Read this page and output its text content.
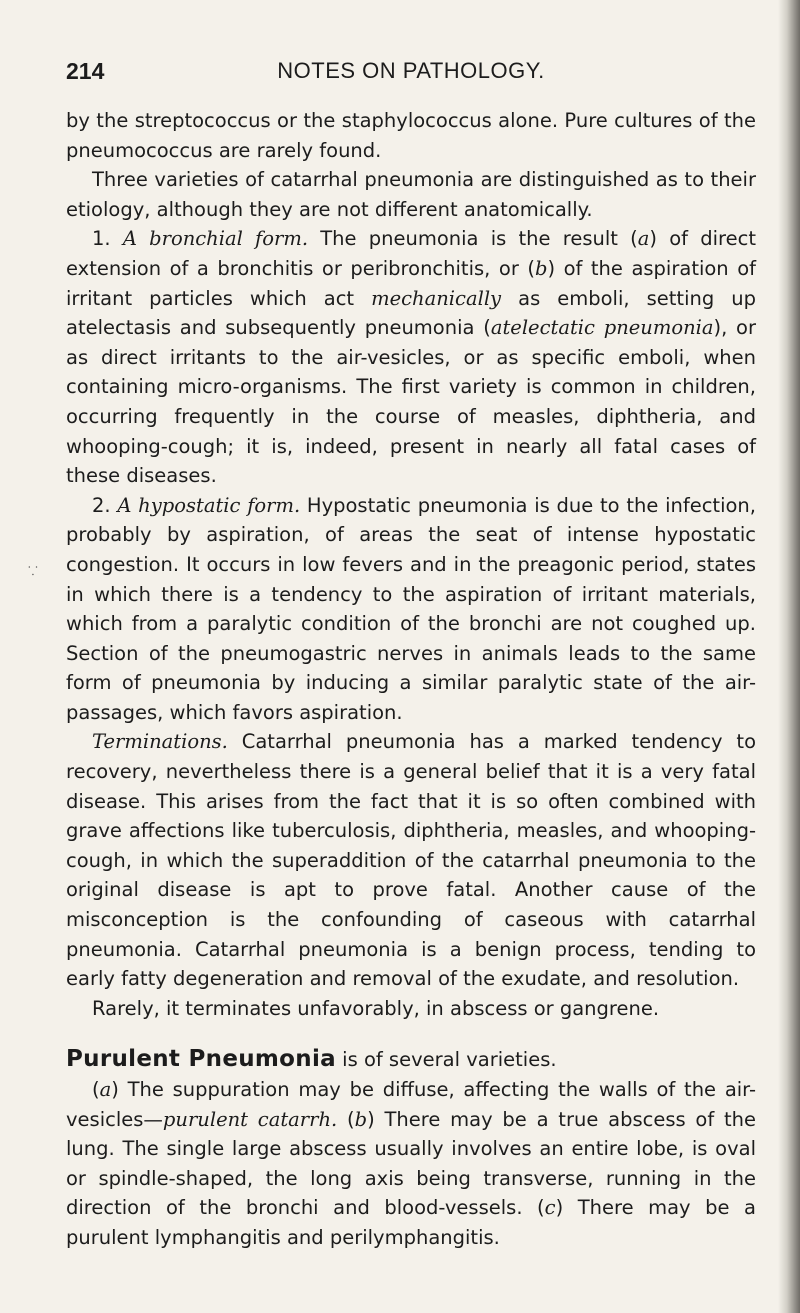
⸪
214	NOTES ON PATHOLOGY.

by the streptococcus or the staphylococcus alone. Pure cultures of the pneumococcus are rarely found.

Three varieties of catarrhal pneumonia are distinguished as to their etiology, although they are not different anatomically.

1. A bronchial form. The pneumonia is the result (a) of direct extension of a bronchitis or peribronchitis, or (b) of the aspiration of irritant particles which act mechanically as emboli, setting up atelectasis and subsequently pneumonia (atelectatic pneumonia), or as direct irritants to the air-vesicles, or as specific emboli, when containing micro-organisms. The first variety is common in children, occurring frequently in the course of measles, diphtheria, and whooping-cough; it is, indeed, present in nearly all fatal cases of these diseases.

2. A hypostatic form. Hypostatic pneumonia is due to the infection, probably by aspiration, of areas the seat of intense hypostatic congestion. It occurs in low fevers and in the preagonic period, states in which there is a tendency to the aspiration of irritant materials, which from a paralytic condition of the bronchi are not coughed up. Section of the pneumogastric nerves in animals leads to the same form of pneumonia by inducing a similar paralytic state of the air-passages, which favors aspiration.

Terminations. Catarrhal pneumonia has a marked tendency to recovery, nevertheless there is a general belief that it is a very fatal disease. This arises from the fact that it is so often combined with grave affections like tuberculosis, diphtheria, measles, and whooping-cough, in which the superaddition of the catarrhal pneumonia to the original disease is apt to prove fatal. Another cause of the misconception is the confounding of caseous with catarrhal pneumonia. Catarrhal pneumonia is a benign process, tending to early fatty degeneration and removal of the exudate, and resolution.

Rarely, it terminates unfavorably, in abscess or gangrene.

Purulent Pneumonia is of several varieties.

(a) The suppuration may be diffuse, affecting the walls of the air-vesicles—purulent catarrh. (b) There may be a true abscess of the lung. The single large abscess usually involves an entire lobe, is oval or spindle-shaped, the long axis being transverse, running in the direction of the bronchi and blood-vessels. (c) There may be a purulent lymphangitis and perilymphangitis.
